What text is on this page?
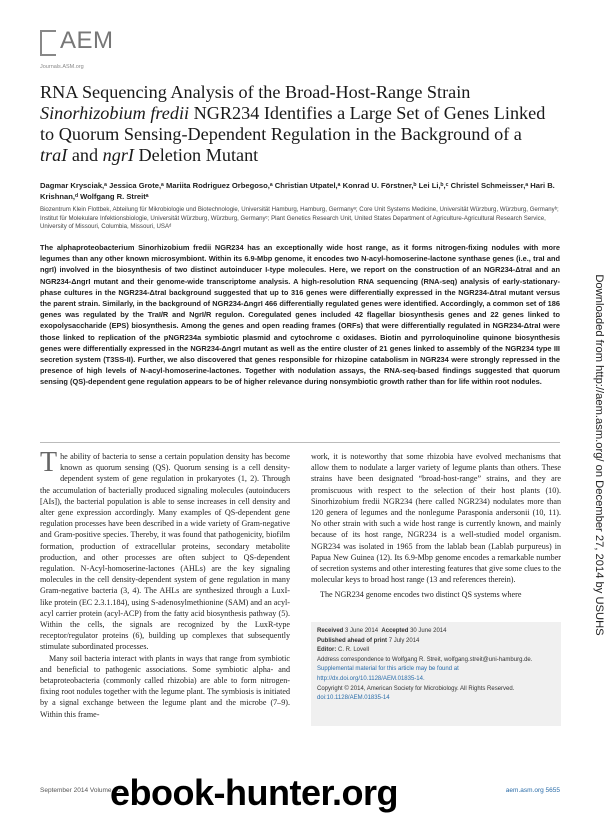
AEM
Journals.ASM.org
RNA Sequencing Analysis of the Broad-Host-Range Strain
Sinorhizobium fredii NGR234 Identifies a Large Set of Genes Linked
to Quorum Sensing-Dependent Regulation in the Background of a
traI and ngrI Deletion Mutant
Dagmar Krysciak,ᵃ Jessica Grote,ᵃ Mariita Rodriguez Orbegoso,ᵃ Christian Utpatel,ᵃ Konrad U. Förstner,ᵇ Lei Li,ᵇ,ᶜ Christel Schmeisser,ᵃ Hari B. Krishnan,ᵈ Wolfgang R. Streitᵃ
Biozentrum Klein Flottbek, Abteilung für Mikrobiologie und Biotechnologie, Universität Hamburg, Hamburg, Germanyᵃ; Core Unit Systems Medicine, Universität Würzburg, Würzburg, Germanyᵇ; Institut für Molekulare Infektionsbiologie, Universität Würzburg, Würzburg, Germanyᶜ; Plant Genetics Research Unit, United States Department of Agriculture-Agricultural Research Service, University of Missouri, Columbia, Missouri, USAᵈ
The alphaproteobacterium Sinorhizobium fredii NGR234 has an exceptionally wide host range, as it forms nitrogen-fixing nodules with more legumes than any other known microsymbiont. Within its 6.9-Mbp genome, it encodes two N-acyl-homoserine-lactone synthase genes (i.e., traI and ngrI) involved in the biosynthesis of two distinct autoinducer I-type molecules. Here, we report on the construction of an NGR234-ΔtraI and an NGR234-ΔngrI mutant and their genome-wide transcriptome analysis. A high-resolution RNA sequencing (RNA-seq) analysis of early-stationary-phase cultures in the NGR234-ΔtraI background suggested that up to 316 genes were differentially expressed in the NGR234-ΔtraI mutant versus the parent strain. Similarly, in the background of NGR234-ΔngrI 466 differentially regulated genes were identified. Accordingly, a common set of 186 genes was regulated by the TraI/R and NgrI/R regulon. Coregulated genes included 42 flagellar biosynthesis genes and 22 genes linked to exopolysaccharide (EPS) biosynthesis. Among the genes and open reading frames (ORFs) that were differentially regulated in NGR234-ΔtraI were those linked to replication of the pNGR234a symbiotic plasmid and cytochrome c oxidases. Biotin and pyrroloquinoline quinone biosynthesis genes were differentially expressed in the NGR234-ΔngrI mutant as well as the entire cluster of 21 genes linked to assembly of the NGR234 type III secretion system (T3SS-II). Further, we also discovered that genes responsible for rhizopine catabolism in NGR234 were strongly repressed in the presence of high levels of N-acyl-homoserine-lactones. Together with nodulation assays, the RNA-seq-based findings suggested that quorum sensing (QS)-dependent gene regulation appears to be of higher relevance during nonsymbiotic growth rather than for life within root nodules.

The ability of bacteria to sense a certain population density has become known as quorum sensing (QS). Quorum sensing is a cell density-dependent system of gene regulation in prokaryotes (1, 2). Through the accumulation of bacterially produced signaling molecules (autoinducers [AIs]), the bacterial population is able to sense increases in cell density and alter gene expression accordingly. Many examples of QS-dependent gene regulation processes have been described in a wide variety of Gram-negative and Gram-positive species. Thereby, it was found that pathogenicity, biofilm formation, production of extracellular proteins, secondary metabolite production, and other processes are often subject to QS-dependent regulation. N-Acyl-homoserine-lactones (AHLs) are the key signaling molecules in the cell density-dependent system of gene regulation in many Gram-negative bacteria (3, 4). The AHLs are synthesized through a LuxI-like protein (EC 2.3.1.184), using S-adenosylmethionine (SAM) and an acyl-acyl carrier protein (acyl-ACP) from the fatty acid biosynthesis pathway (5). Within the cells, the signals are recognized by the LuxR-type receptor/regulator proteins (6), building up complexes that subsequently stimulate subordinated processes.

Many soil bacteria interact with plants in ways that range from symbiotic and beneficial to pathogenic associations. Some symbiotic alpha- and betaproteobacteria (commonly called rhizobia) are able to form nitrogen-fixing root nodules together with the legume plant. The symbiosis is initiated by a signal exchange between the legume plant and the microbe (7–9). Within this frame-

work, it is noteworthy that some rhizobia have evolved mechanisms that allow them to nodulate a larger variety of legume plants than others. These strains have been designated “broad-host-range” strains, and they are promiscuous with respect to the selection of their host plants (10). Sinorhizobium fredii NGR234 (here called NGR234) nodulates more than 120 genera of legumes and the nonlegume Parasponia andersonii (10, 11). No other strain with such a wide host range is currently known, and mainly because of its host range, NGR234 is a well-studied model organism. NGR234 was isolated in 1965 from the lablab bean (Lablab purpureus) in Papua New Guinea (12). Its 6.9-Mbp genome encodes a remarkable number of secretion systems and other interesting features that give some clues to the molecular keys to broad host range (13 and references therein).

The NGR234 genome encodes two distinct QS systems where

Received 3 June 2014 Accepted 30 June 2014
Published ahead of print 7 July 2014
Editor: C. R. Lovell
Address correspondence to Wolfgang R. Streit, wolfgang.streit@uni-hamburg.de.
Supplemental material for this article may be found at http://dx.doi.org/10.1128/AEM.01835-14.
Copyright © 2014, American Society for Microbiology. All Rights Reserved.
doi:10.1128/AEM.01835-14
September 2014 Volume 80	aem.asm.org 5655
ebook-hunter.org
Downloaded from http://aem.asm.org/ on December 27, 2014 by USUHS
